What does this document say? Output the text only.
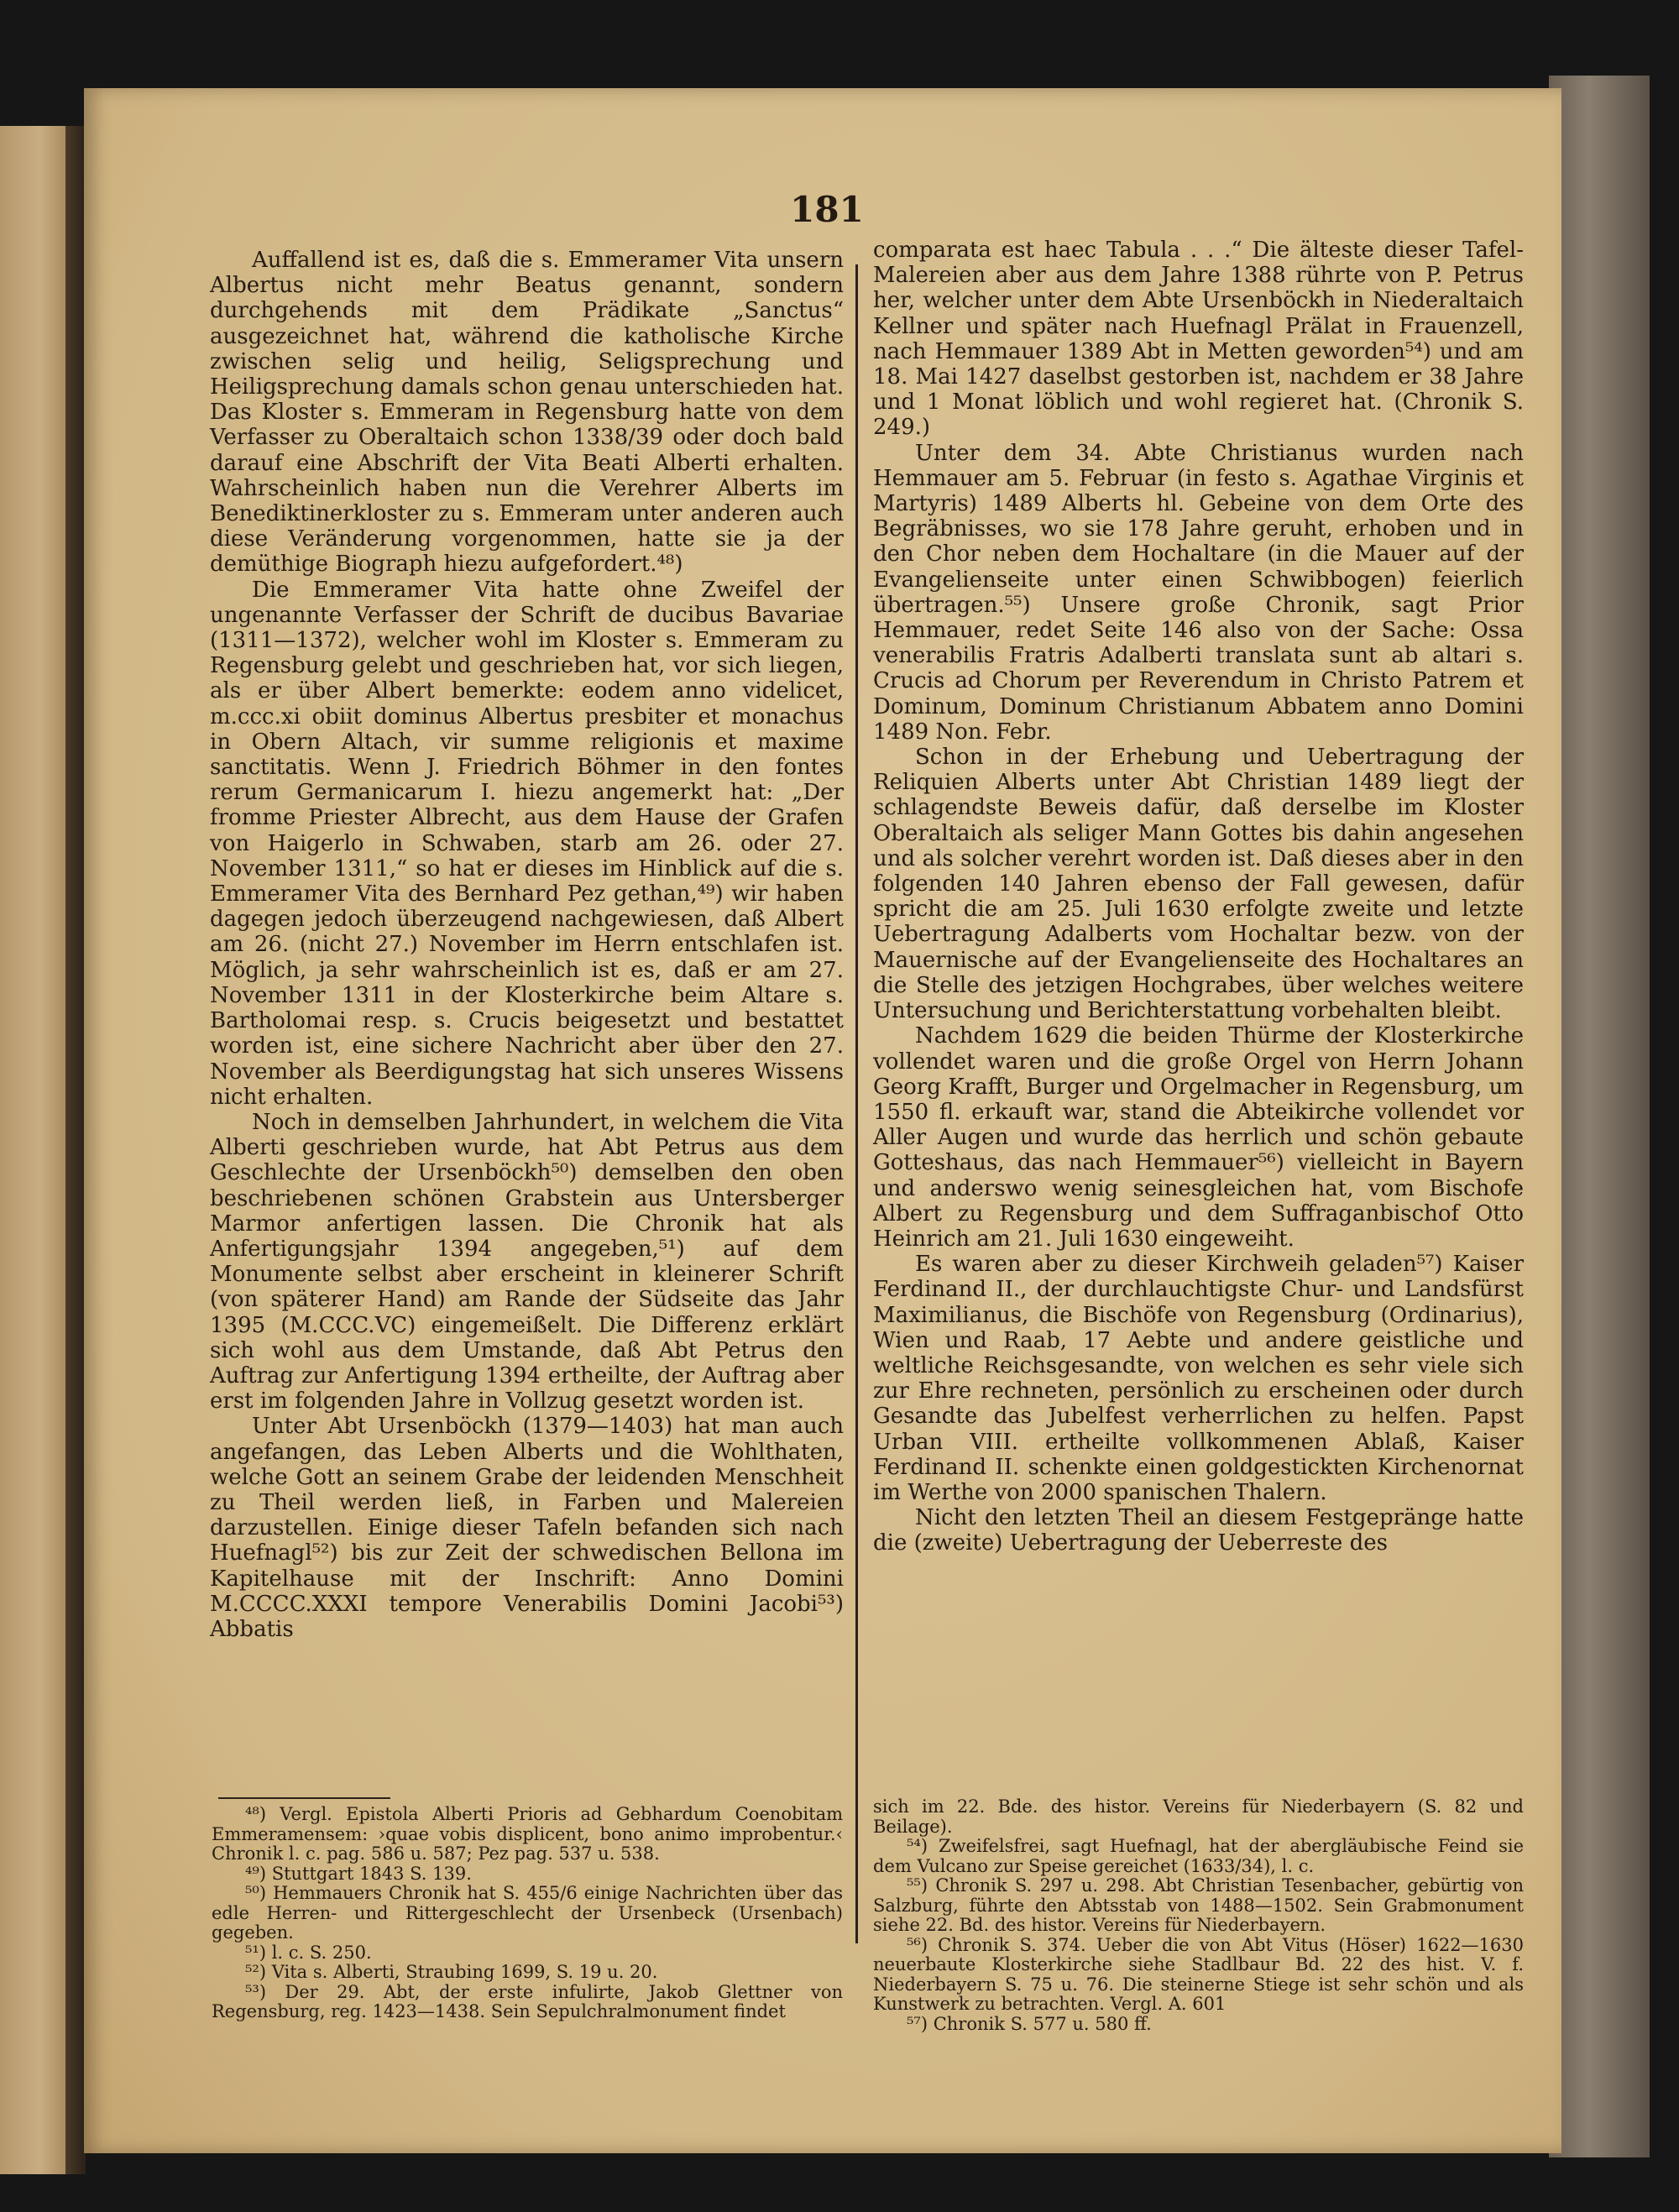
181

Auffallend ist es, daß die s. Emmeramer Vita unsern Albertus nicht mehr Beatus genannt, sondern durchgehends mit dem Prädikate „Sanctus“ ausgezeichnet hat, während die katholische Kirche zwischen selig und heilig, Seligsprechung und Heiligsprechung damals schon genau unterschieden hat. Das Kloster s. Emmeram in Regensburg hatte von dem Verfasser zu Oberaltaich schon 1338/39 oder doch bald darauf eine Abschrift der Vita Beati Alberti erhalten. Wahrscheinlich haben nun die Verehrer Alberts im Benediktinerkloster zu s. Emmeram unter anderen auch diese Veränderung vorgenommen, hatte sie ja der demüthige Biograph hiezu aufgefordert.⁴⁸)

Die Emmeramer Vita hatte ohne Zweifel der ungenannte Verfasser der Schrift de ducibus Bavariae (1311—1372), welcher wohl im Kloster s. Emmeram zu Regensburg gelebt und geschrieben hat, vor sich liegen, als er über Albert bemerkte: eodem anno videlicet, m.ccc.xi obiit dominus Albertus presbiter et monachus in Obern Altach, vir summe religionis et maxime sanctitatis. Wenn J. Friedrich Böhmer in den fontes rerum Germanicarum I. hiezu angemerkt hat: „Der fromme Priester Albrecht, aus dem Hause der Grafen von Haigerlo in Schwaben, starb am 26. oder 27. November 1311,“ so hat er dieses im Hinblick auf die s. Emmeramer Vita des Bernhard Pez gethan,⁴⁹) wir haben dagegen jedoch überzeugend nachgewiesen, daß Albert am 26. (nicht 27.) November im Herrn entschlafen ist. Möglich, ja sehr wahrscheinlich ist es, daß er am 27. November 1311 in der Klosterkirche beim Altare s. Bartholomai resp. s. Crucis beigesetzt und bestattet worden ist, eine sichere Nachricht aber über den 27. November als Beerdigungstag hat sich unseres Wissens nicht erhalten.

Noch in demselben Jahrhundert, in welchem die Vita Alberti geschrieben wurde, hat Abt Petrus aus dem Geschlechte der Ursenböckh⁵⁰) demselben den oben beschriebenen schönen Grabstein aus Untersberger Marmor anfertigen lassen. Die Chronik hat als Anfertigungsjahr 1394 angegeben,⁵¹) auf dem Monumente selbst aber erscheint in kleinerer Schrift (von späterer Hand) am Rande der Südseite das Jahr 1395 (M.CCC.VC) eingemeißelt. Die Differenz erklärt sich wohl aus dem Umstande, daß Abt Petrus den Auftrag zur Anfertigung 1394 ertheilte, der Auftrag aber erst im folgenden Jahre in Vollzug gesetzt worden ist.

Unter Abt Ursenböckh (1379—1403) hat man auch angefangen, das Leben Alberts und die Wohlthaten, welche Gott an seinem Grabe der leidenden Menschheit zu Theil werden ließ, in Farben und Malereien darzustellen. Einige dieser Tafeln befanden sich nach Huefnagl⁵²) bis zur Zeit der schwedischen Bellona im Kapitelhause mit der Inschrift: Anno Domini M.CCCC.XXXI tempore Venerabilis Domini Jacobi⁵³) Abbatis

comparata est haec Tabula . . .“ Die älteste dieser Tafel-Malereien aber aus dem Jahre 1388 rührte von P. Petrus her, welcher unter dem Abte Ursenböckh in Niederaltaich Kellner und später nach Huefnagl Prälat in Frauenzell, nach Hemmauer 1389 Abt in Metten geworden⁵⁴) und am 18. Mai 1427 daselbst gestorben ist, nachdem er 38 Jahre und 1 Monat löblich und wohl regieret hat. (Chronik S. 249.)

Unter dem 34. Abte Christianus wurden nach Hemmauer am 5. Februar (in festo s. Agathae Virginis et Martyris) 1489 Alberts hl. Gebeine von dem Orte des Begräbnisses, wo sie 178 Jahre geruht, erhoben und in den Chor neben dem Hochaltare (in die Mauer auf der Evangelienseite unter einen Schwibbogen) feierlich übertragen.⁵⁵) Unsere große Chronik, sagt Prior Hemmauer, redet Seite 146 also von der Sache: Ossa venerabilis Fratris Adalberti translata sunt ab altari s. Crucis ad Chorum per Reverendum in Christo Patrem et Dominum, Dominum Christianum Abbatem anno Domini 1489 Non. Febr.

Schon in der Erhebung und Uebertragung der Reliquien Alberts unter Abt Christian 1489 liegt der schlagendste Beweis dafür, daß derselbe im Kloster Oberaltaich als seliger Mann Gottes bis dahin angesehen und als solcher verehrt worden ist. Daß dieses aber in den folgenden 140 Jahren ebenso der Fall gewesen, dafür spricht die am 25. Juli 1630 erfolgte zweite und letzte Uebertragung Adalberts vom Hochaltar bezw. von der Mauernische auf der Evangelienseite des Hochaltares an die Stelle des jetzigen Hochgrabes, über welches weitere Untersuchung und Berichterstattung vorbehalten bleibt.

Nachdem 1629 die beiden Thürme der Klosterkirche vollendet waren und die große Orgel von Herrn Johann Georg Krafft, Burger und Orgelmacher in Regensburg, um 1550 fl. erkauft war, stand die Abteikirche vollendet vor Aller Augen und wurde das herrlich und schön gebaute Gotteshaus, das nach Hemmauer⁵⁶) vielleicht in Bayern und anderswo wenig seinesgleichen hat, vom Bischofe Albert zu Regensburg und dem Suffraganbischof Otto Heinrich am 21. Juli 1630 eingeweiht.

Es waren aber zu dieser Kirchweih geladen⁵⁷) Kaiser Ferdinand II., der durchlauchtigste Chur- und Landsfürst Maximilianus, die Bischöfe von Regensburg (Ordinarius), Wien und Raab, 17 Aebte und andere geistliche und weltliche Reichsgesandte, von welchen es sehr viele sich zur Ehre rechneten, persönlich zu erscheinen oder durch Gesandte das Jubelfest verherrlichen zu helfen. Papst Urban VIII. ertheilte vollkommenen Ablaß, Kaiser Ferdinand II. schenkte einen goldgestickten Kirchenornat im Werthe von 2000 spanischen Thalern.

Nicht den letzten Theil an diesem Festgepränge hatte die (zweite) Uebertragung der Ueberreste des

⁴⁸) Vergl. Epistola Alberti Prioris ad Gebhardum Coenobitam Emmeramensem: ›quae vobis displicent, bono animo improbentur.‹ Chronik l. c. pag. 586 u. 587; Pez pag. 537 u. 538.

⁴⁹) Stuttgart 1843 S. 139.

⁵⁰) Hemmauers Chronik hat S. 455/6 einige Nachrichten über das edle Herren- und Rittergeschlecht der Ursenbeck (Ursenbach) gegeben.

⁵¹) l. c. S. 250.

⁵²) Vita s. Alberti, Straubing 1699, S. 19 u. 20.

⁵³) Der 29. Abt, der erste infulirte, Jakob Glettner von Regensburg, reg. 1423—1438. Sein Sepulchralmonument findet

sich im 22. Bde. des histor. Vereins für Niederbayern (S. 82 und Beilage).

⁵⁴) Zweifelsfrei, sagt Huefnagl, hat der abergläubische Feind sie dem Vulcano zur Speise gereichet (1633/34), l. c.

⁵⁵) Chronik S. 297 u. 298. Abt Christian Tesenbacher, gebürtig von Salzburg, führte den Abtsstab von 1488—1502. Sein Grabmonument siehe 22. Bd. des histor. Vereins für Niederbayern.

⁵⁶) Chronik S. 374. Ueber die von Abt Vitus (Höser) 1622—1630 neuerbaute Klosterkirche siehe Stadlbaur Bd. 22 des hist. V. f. Niederbayern S. 75 u. 76. Die steinerne Stiege ist sehr schön und als Kunstwerk zu betrachten. Vergl. A. 601

⁵⁷) Chronik S. 577 u. 580 ff.
